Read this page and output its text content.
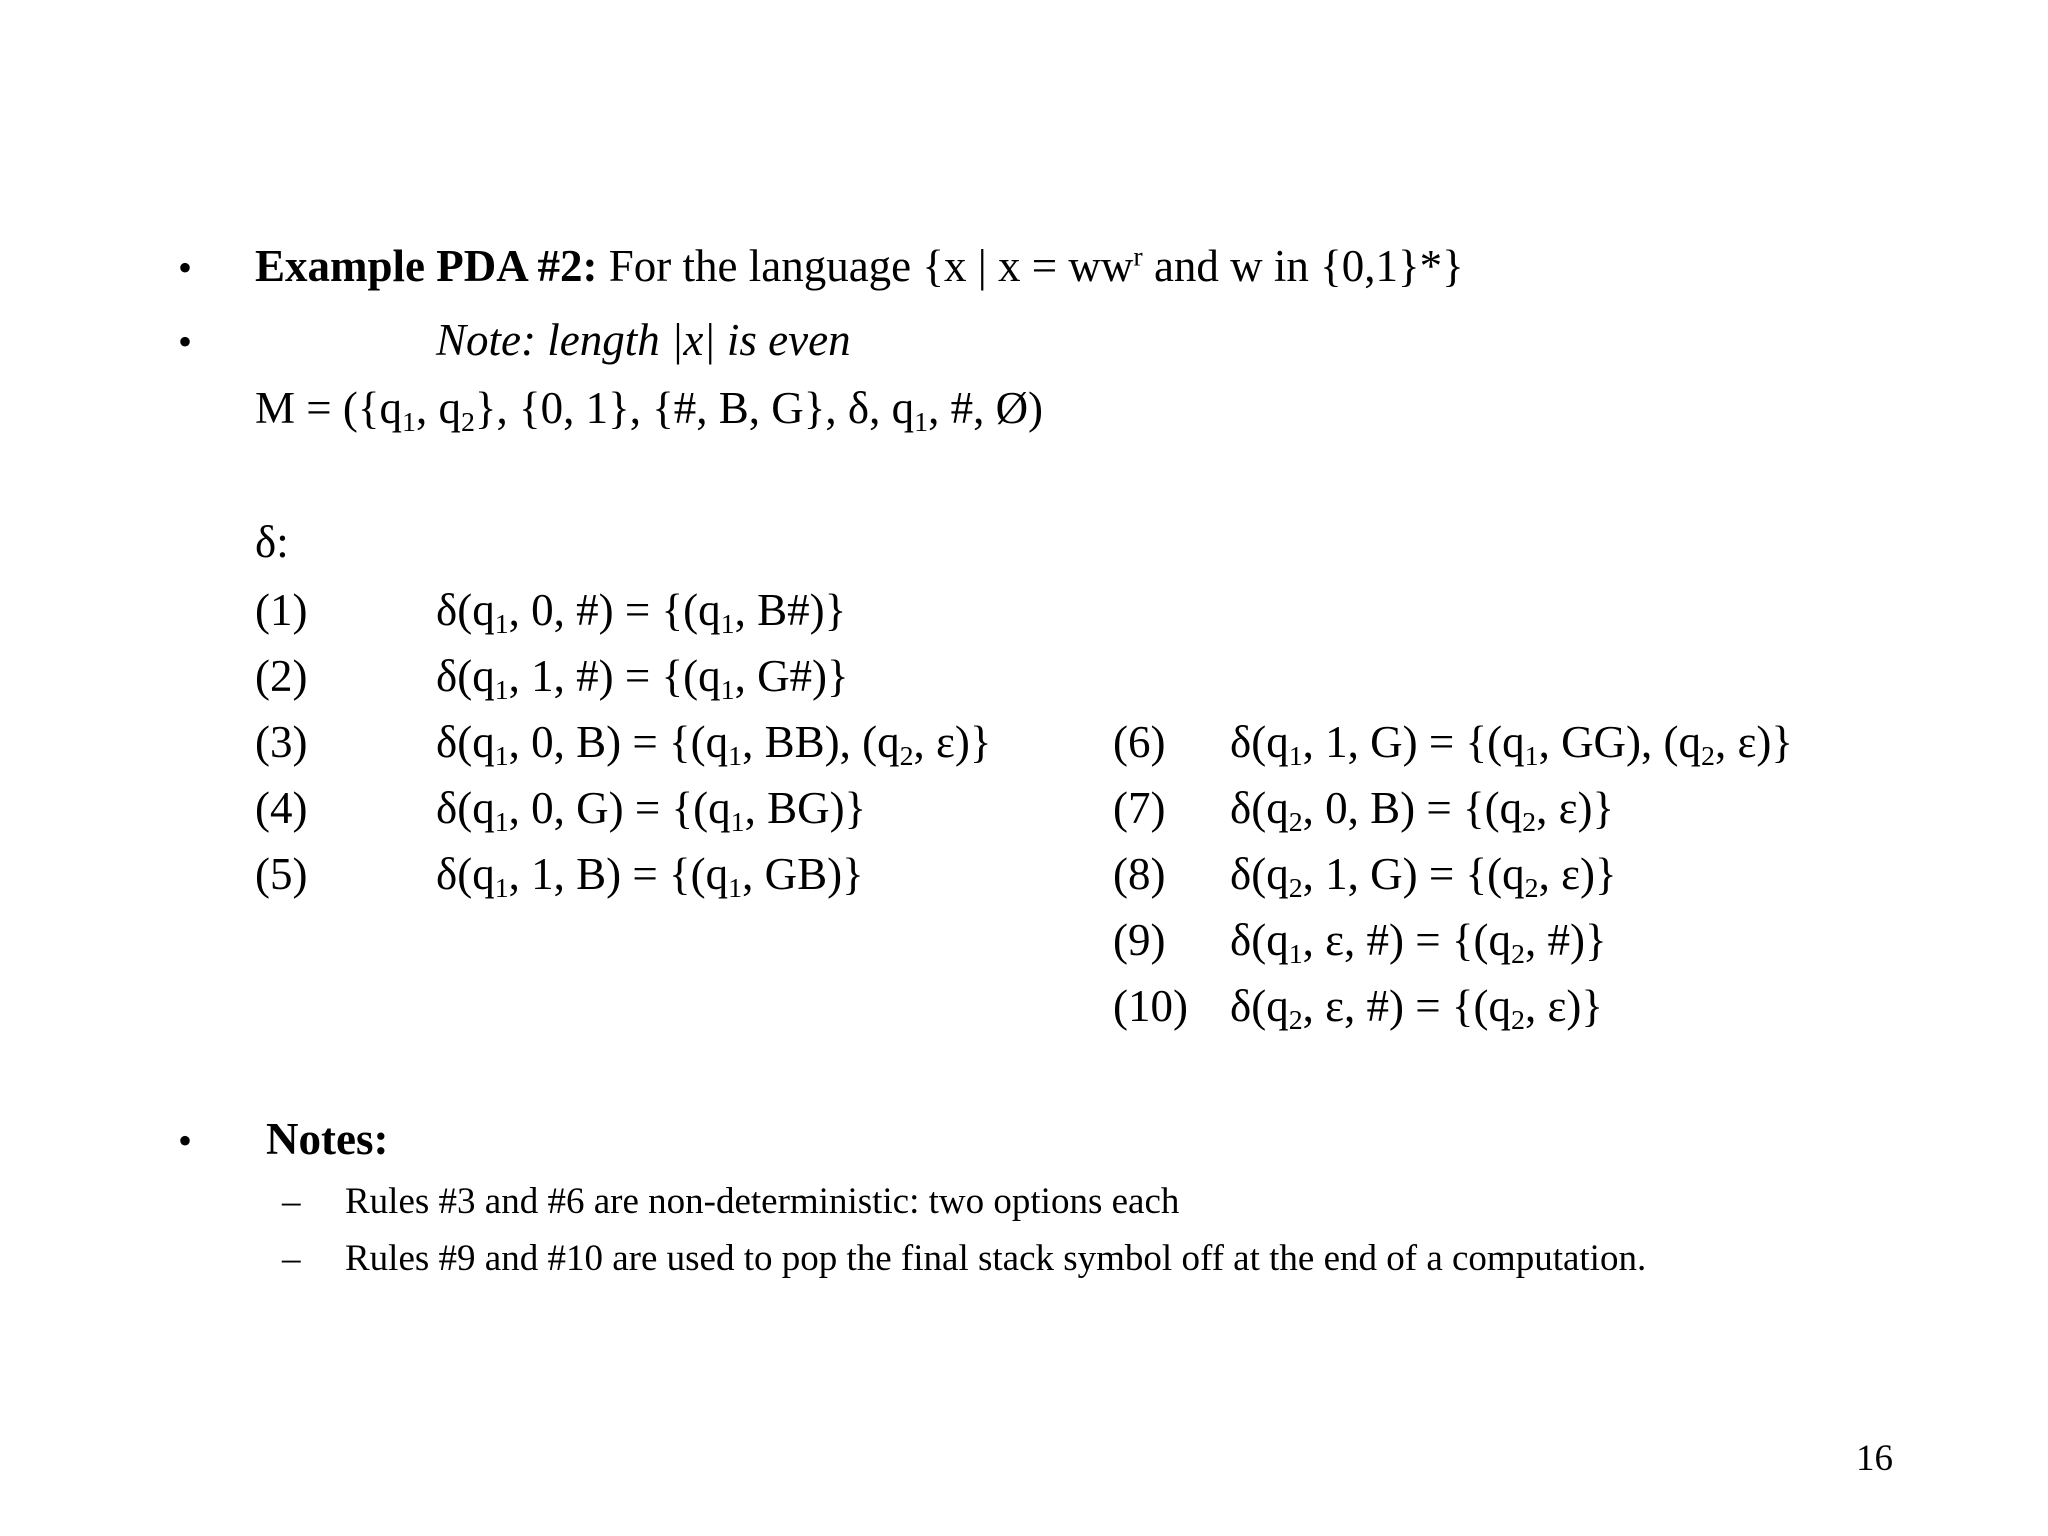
• Example PDA #2: For the language {x | $x = ww^r$ and w in {0,1}*}
•	Note: length |x| is even
$M = (\{q_1$, $q_2$}, {0, 1}, {#, B, G}, δ, $q_1$, #, Ø)
δ:
(1)	$\delta(q_1$, 0, #) = {($q_1$, B#)}
(2)	$\delta(q_1$, 1, #) = {($q_1$, G#)}
(3)	$\delta(q_1$, 0, $B) = \{(q_1$, BB), ($q_2$, ε)}
(4)	$\delta(q_1$, 0, $G) = \{(q_1$, BG)}
(5)	$\delta(q_1$, 1, $B) = \{(q_1$, GB)}
(6) $\delta(q_1$, 1, $G) = \{(q_1$, GG), ($q_2$, ε)}
(7) $\delta(q_2$, 0, $B) = \{(q_2$, ε)}
(8) $\delta(q_2$, 1, $G) = \{(q_2$, ε)}
(9) $\delta(q_1$, ε, #) = {($q_2$, #)}
(10) $\delta(q_2$, ε, #) = {($q_2$, ε)}
• Notes:
– Rules #3 and #6 are non-deterministic: two options each
– Rules #9 and #10 are used to pop the final stack symbol off at the end of a computation.
16
